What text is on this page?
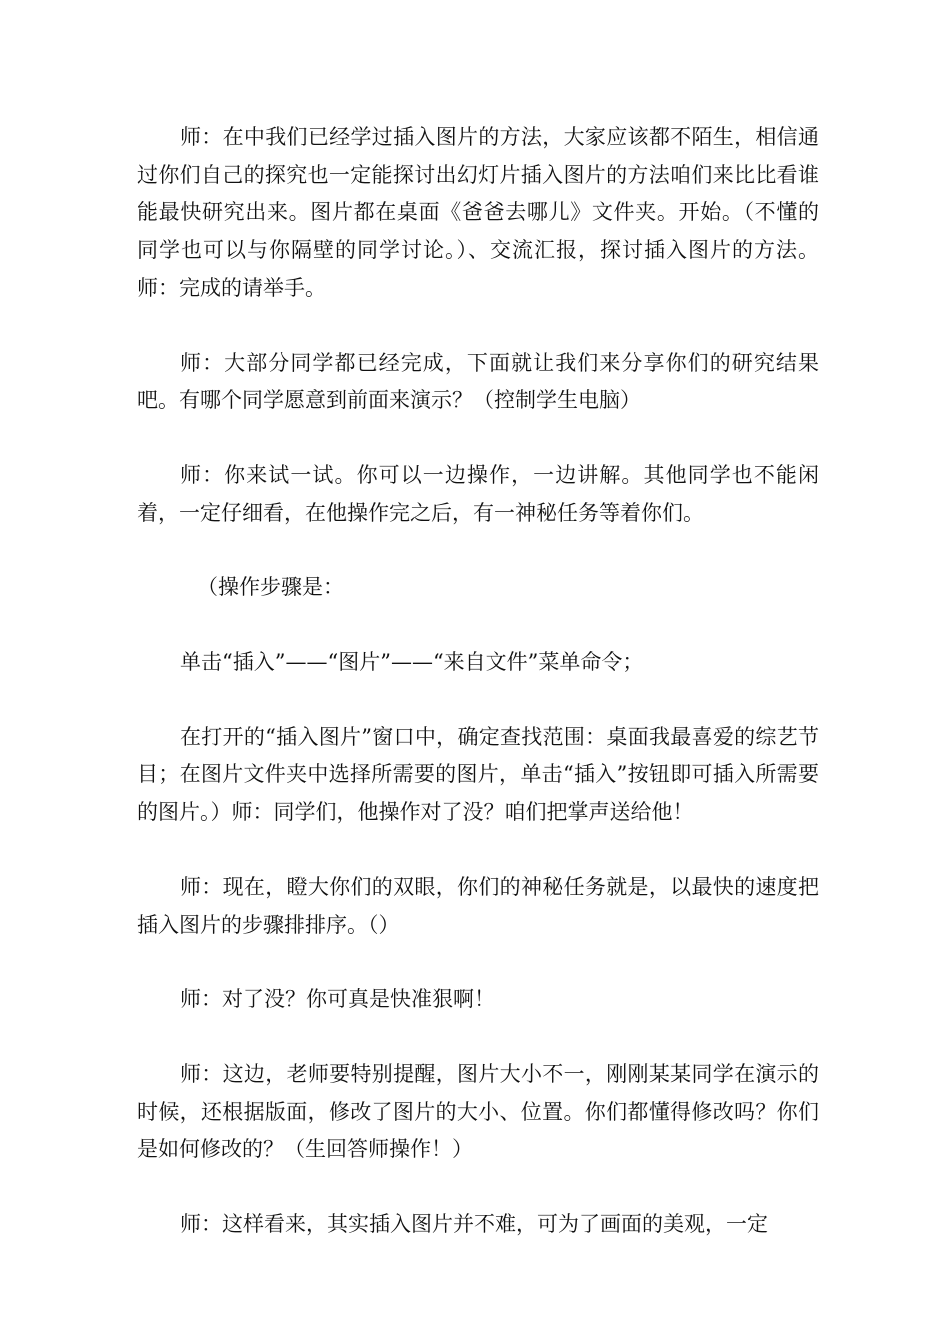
师：在中我们已经学过插入图片的方法，大家应该都不陌生，相信通过你们自己的探究也一定能探讨出幻灯片插入图片的方法咱们来比比看谁能最快研究出来。图片都在桌面《爸爸去哪儿》文件夹。开始。（不懂的同学也可以与你隔壁的同学讨论。）、交流汇报，探讨插入图片的方法。师：完成的请举手。

师：大部分同学都已经完成，下面就让我们来分享你们的研究结果吧。有哪个同学愿意到前面来演示？（控制学生电脑）

师：你来试一试。你可以一边操作，一边讲解。其他同学也不能闲着，一定仔细看，在他操作完之后，有一神秘任务等着你们。

（操作步骤是：

单击“插入”——“图片”——“来自文件”菜单命令；

在打开的“插入图片”窗口中，确定查找范围：桌面我最喜爱的综艺节目；在图片文件夹中选择所需要的图片，单击“插入”按钮即可插入所需要的图片。）师：同学们，他操作对了没？咱们把掌声送给他！

师：现在，瞪大你们的双眼，你们的神秘任务就是，以最快的速度把插入图片的步骤排排序。（）

师：对了没？你可真是快准狠啊！

师：这边，老师要特别提醒，图片大小不一，刚刚某某同学在演示的时候，还根据版面，修改了图片的大小、位置。你们都懂得修改吗？你们是如何修改的？（生回答师操作！）

师：这样看来，其实插入图片并不难，可为了画面的美观，一定
